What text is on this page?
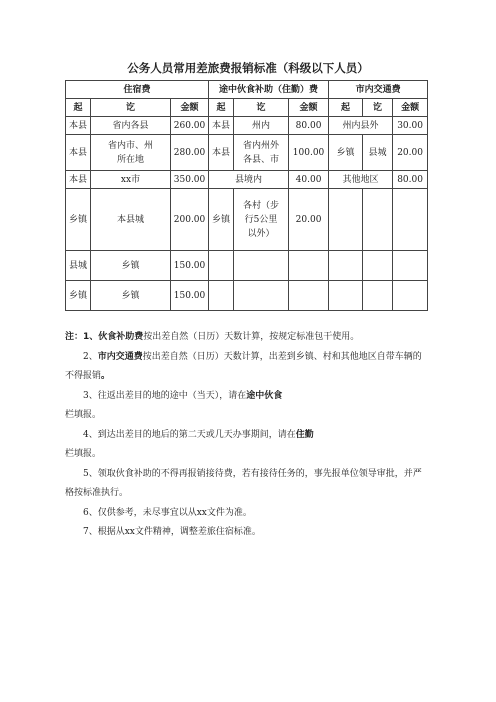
公务人员常用差旅费报销标准（科级以下人员）
住宿费			途中伙食补助（住勤）费			市内交通费		
起	讫	金额	起	讫	金额	起	讫	金额
本县	省内各县	260.00	本县	州内	80.00	州内县外		30.00
本县	省内市、州所在地	280.00	本县	省内州外各县、市	100.00	乡镇	县城	20.00
本县	xx市	350.00	县境内		40.00	其他地区		80.00
乡镇	本县城	200.00	乡镇	各村（步行5公里以外）	20.00			
县城	乡镇	150.00						
乡镇	乡镇	150.00						

注：1、伙食补助费按出差自然（日历）天数计算，按规定标准包干使用。

2、市内交通费按出差自然（日历）天数计算，出差到乡镇、村和其他地区自带车辆的不得报销。

3、往返出差目的地的途中（当天），请在途中伙食

栏填报。

4、到达出差目的地后的第二天或几天办事期间，请在住勤

栏填报。

5、领取伙食补助的不得再报销接待费，若有接待任务的，事先报单位领导审批，并严格按标准执行。

6、仅供参考，未尽事宜以从xx文件为准。

7、根据从xx文件精神，调整差旅住宿标准。
